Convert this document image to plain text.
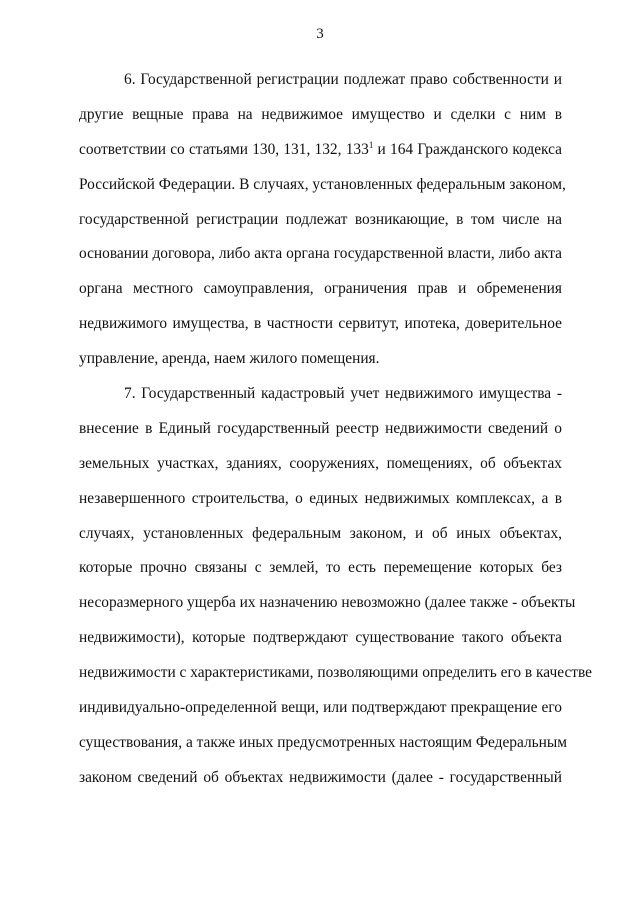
3
6. Государственной регистрации подлежат право собственности и
другие вещные права на недвижимое имущество и сделки с ним в
соответствии со статьями 130, 131, 132, $133^1$ и 164 Гражданского кодекса
Российской Федерации. В случаях, установленных федеральным законом,
государственной регистрации подлежат возникающие, в том числе на
основании договора, либо акта органа государственной власти, либо акта
органа местного самоуправления, ограничения прав и обременения
недвижимого имущества, в частности сервитут, ипотека, доверительное
управление, аренда, наем жилого помещения.
7. Государственный кадастровый учет недвижимого имущества -
внесение в Единый государственный реестр недвижимости сведений о
земельных участках, зданиях, сооружениях, помещениях, об объектах
незавершенного строительства, о единых недвижимых комплексах, а в
случаях, установленных федеральным законом, и об иных объектах,
которые прочно связаны с землей, то есть перемещение которых без
несоразмерного ущерба их назначению невозможно (далее также - объекты
недвижимости), которые подтверждают существование такого объекта
недвижимости с характеристиками, позволяющими определить его в качестве
индивидуально-определенной вещи, или подтверждают прекращение его
существования, а также иных предусмотренных настоящим Федеральным
законом сведений об объектах недвижимости (далее - государственный
